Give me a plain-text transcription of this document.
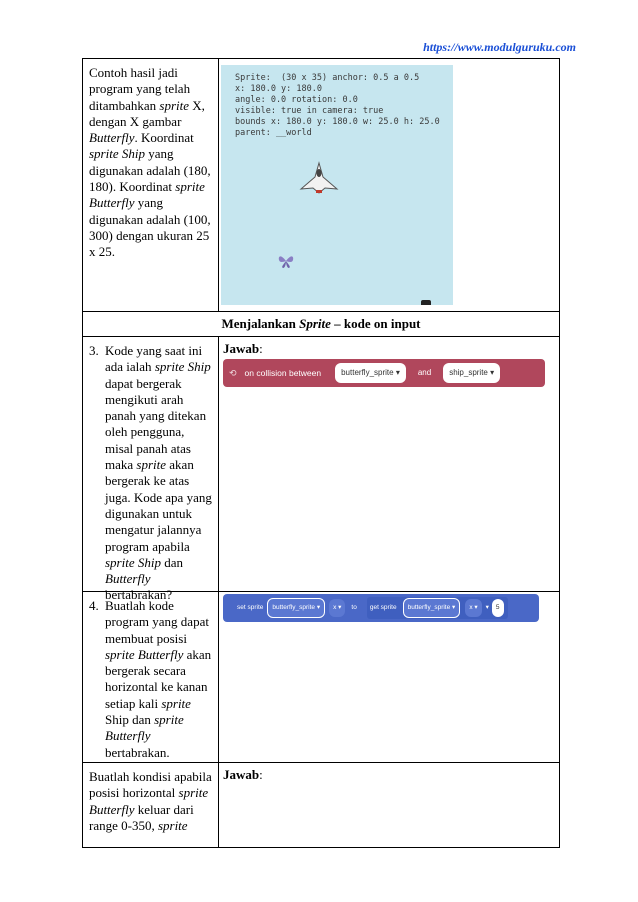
https://www.modulguruku.com
Contoh hasil jadi program yang telah ditambahkan sprite X, dengan X gambar Butterfly. Koordinat sprite Ship yang digunakan adalah (180, 180). Koordinat sprite Butterfly yang digunakan adalah (100, 300) dengan ukuran 25 x 25.
Sprite:  (30 x 35) anchor: 0.5 a 0.5
x: 180.0 y: 180.0
angle: 0.0 rotation: 0.0
visible: true in camera: true
bounds x: 180.0 y: 180.0 w: 25.0 h: 25.0
parent: __world
Menjalankan Sprite – kode on input
3. Kode yang saat ini ada ialah sprite Ship dapat bergerak mengikuti arah panah yang ditekan oleh pengguna, misal panah atas maka sprite akan bergerak ke atas juga. Kode apa yang digunakan untuk mengatur jalannya program apabila sprite Ship dan Butterfly bertabrakan?
Jawab:
⟲ on collision between	butterfly_sprite
▾ and ship_sprite
▾
4. Buatlah kode program yang dapat membuat posisi sprite Butterfly akan bergerak secara horizontal ke kanan setiap kali sprite Ship dan sprite Butterfly bertabrakan.
set sprite butterfly_sprite ▾	x ▾	to get sprite butterfly_sprite ▾	x ▾	▾	5
Buatlah kondisi apabila posisi horizontal sprite Butterfly keluar dari range 0-350, sprite
Jawab:
